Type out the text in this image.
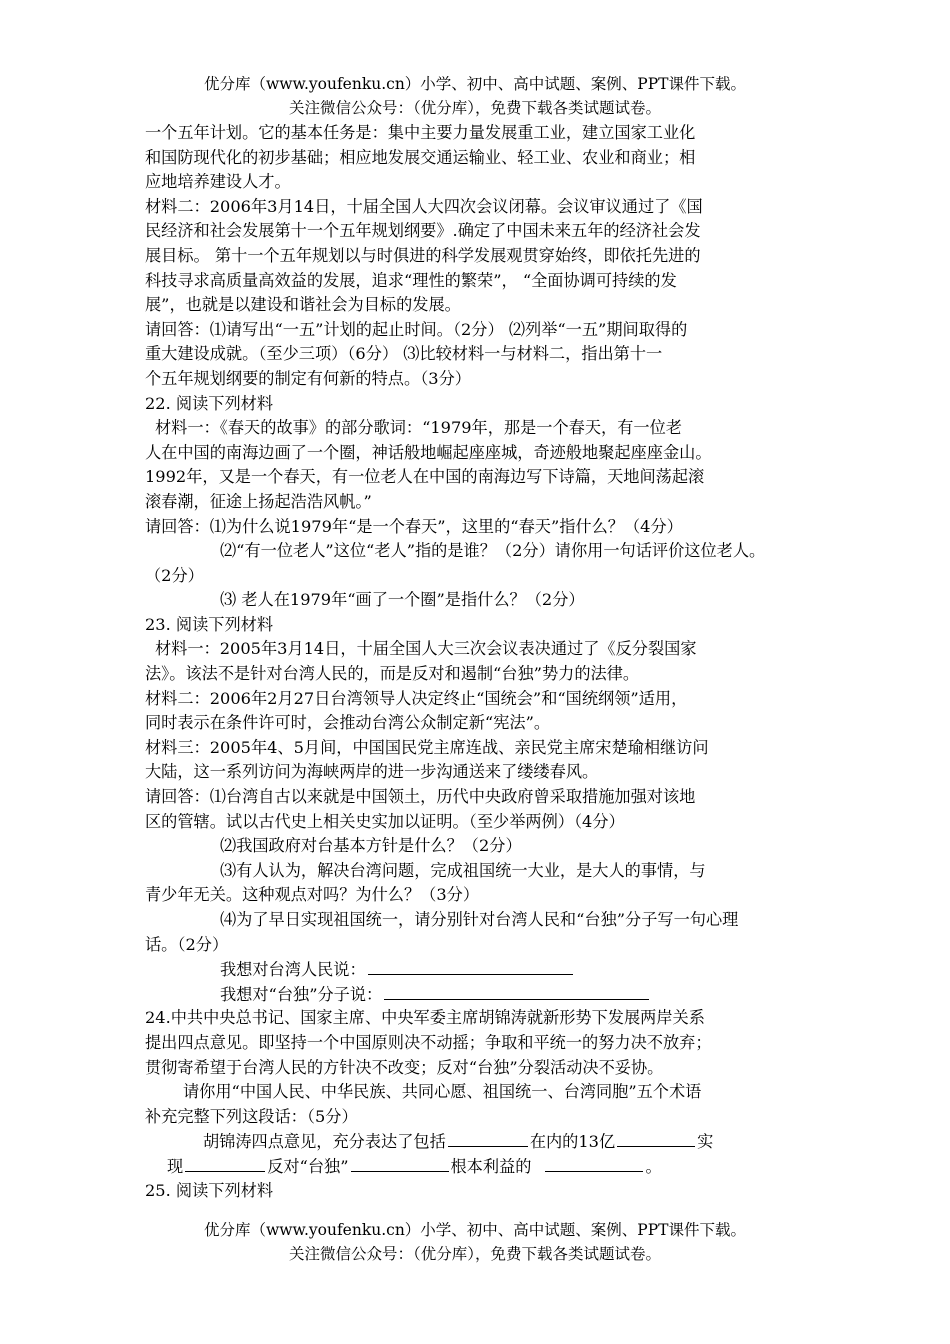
优分库（www.youfenku.cn）小学、初中、高中试题、案例、PPT课件下载。
关注微信公众号：（优分库），免费下载各类试题试卷。
一个五年计划。它的基本任务是：集中主要力量发展重工业，建立国家工业化
和国防现代化的初步基础；相应地发展交通运输业、轻工业、农业和商业；相
应地培养建设人才。
材料二：2006年3月14日，十届全国人大四次会议闭幕。会议审议通过了《国
民经济和社会发展第十一个五年规划纲要》.确定了中国未来五年的经济社会发
展目标。 第十一个五年规划以与时俱进的科学发展观贯穿始终，即依托先进的
科技寻求高质量高效益的发展，追求“理性的繁荣”， “全面协调可持续的发
展”，也就是以建设和谐社会为目标的发展。
请回答：⑴请写出“一五”计划的起止时间。（2分） ⑵列举“一五”期间取得的
重大建设成就。（至少三项）（6分） ⑶比较材料一与材料二，指出第十一
个五年规划纲要的制定有何新的特点。（3分）
22. 阅读下列材料
材料一：《春天的故事》的部分歌词：“1979年，那是一个春天，有一位老
人在中国的南海边画了一个圈，神话般地崛起座座城，奇迹般地聚起座座金山。
1992年，又是一个春天，有一位老人在中国的南海边写下诗篇，天地间荡起滚
滚春潮，征途上扬起浩浩风帆。”
请回答：⑴为什么说1979年“是一个春天”，这里的“春天”指什么？（4分）
⑵“有一位老人”这位“老人”指的是谁？（2分）请你用一句话评价这位老人。
（2分）
⑶ 老人在1979年“画了一个圈”是指什么？（2分）
23. 阅读下列材料
材料一：2005年3月14日，十届全国人大三次会议表决通过了《反分裂国家
法》。该法不是针对台湾人民的，而是反对和遏制“台独”势力的法律。
材料二：2006年2月27日台湾领导人决定终止“国统会”和“国统纲领”适用，
同时表示在条件许可时，会推动台湾公众制定新“宪法”。
材料三：2005年4、5月间，中国国民党主席连战、亲民党主席宋楚瑜相继访问
大陆，这一系列访问为海峡两岸的进一步沟通送来了缕缕春风。
请回答：⑴台湾自古以来就是中国领土，历代中央政府曾采取措施加强对该地
区的管辖。试以古代史上相关史实加以证明。（至少举两例）（4分）
⑵我国政府对台基本方针是什么？（2分）
⑶有人认为，解决台湾问题，完成祖国统一大业，是大人的事情，与
青少年无关。这种观点对吗？为什么？（3分）
⑷为了早日实现祖国统一，请分别针对台湾人民和“台独”分子写一句心理
话。（2分）
我想对台湾人民说：
我想对“台独”分子说：
24.中共中央总书记、国家主席、中央军委主席胡锦涛就新形势下发展两岸关系
提出四点意见。即坚持一个中国原则决不动摇；争取和平统一的努力决不放弃；
贯彻寄希望于台湾人民的方针决不改变；反对“台独”分裂活动决不妥协。
请你用“中国人民、中华民族、共同心愿、祖国统一、台湾同胞”五个术语
补充完整下列这段话：（5分）
胡锦涛四点意见，充分表达了包括	在内的13亿	实
现	反对“台独”	根本利益的	。
25. 阅读下列材料
优分库（www.youfenku.cn）小学、初中、高中试题、案例、PPT课件下载。
关注微信公众号：（优分库），免费下载各类试题试卷。
